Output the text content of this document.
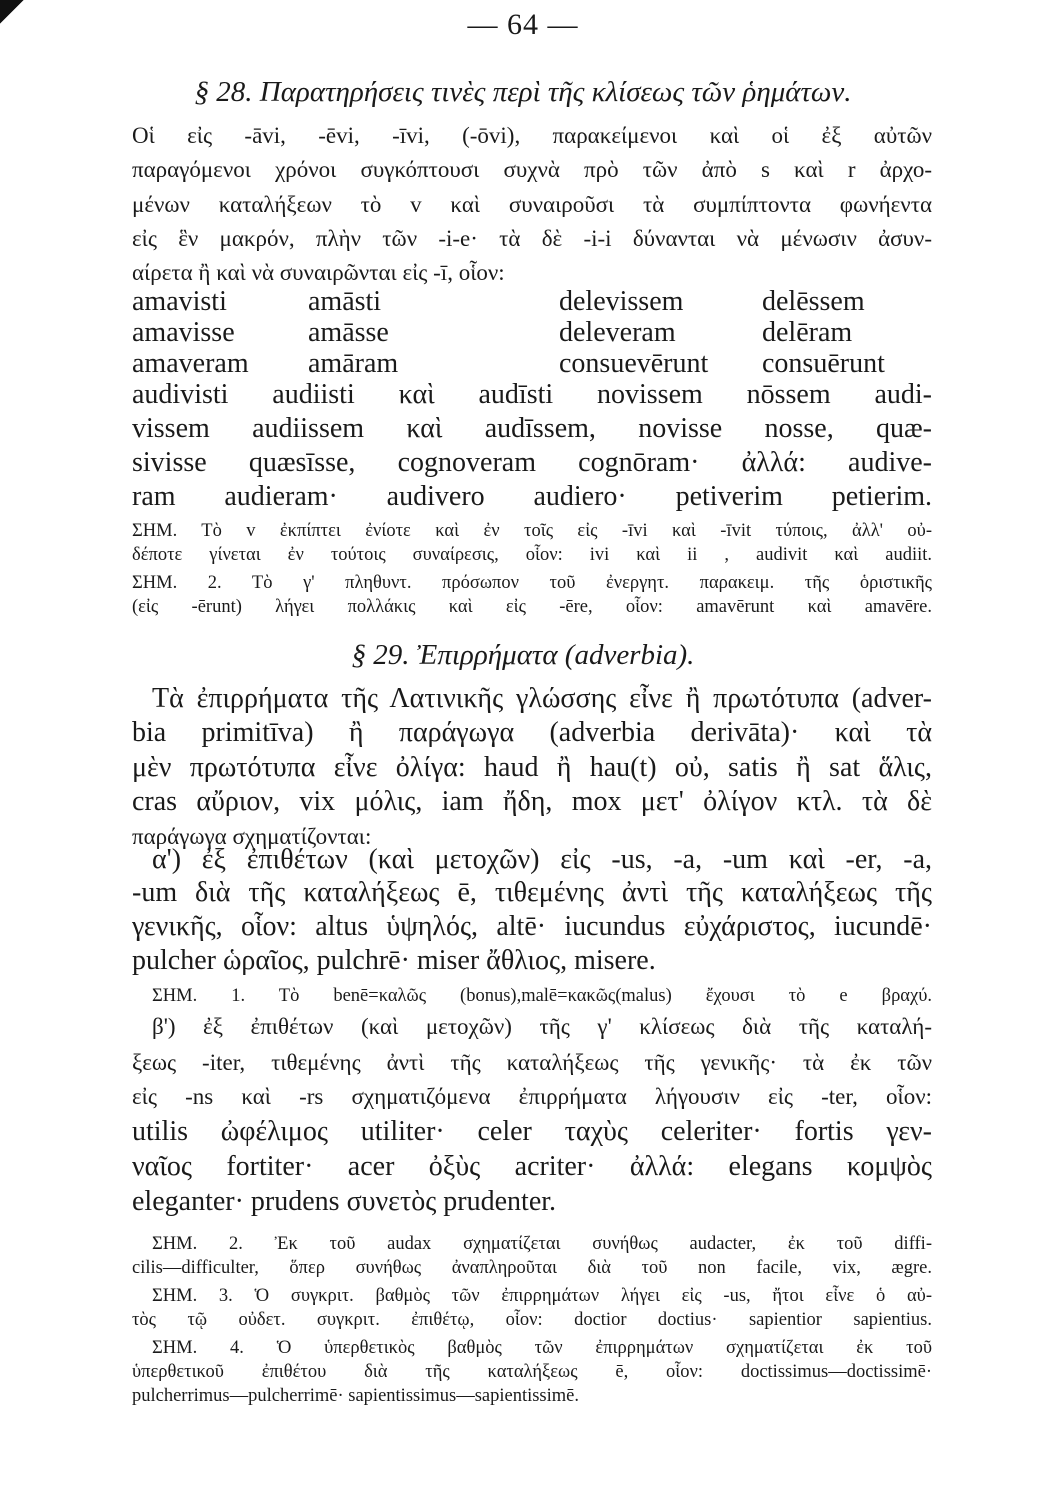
— 64 —
§ 28. Παρατηρήσεις τινὲς περὶ τῆς κλίσεως τῶν ῥημάτων.
Οἱ εἰς -āvi, -ēvi, -īvi, (-ōvi), παρακείμενοι καὶ οἱ ἐξ αὐτῶν
παραγόμενοι χρόνοι συγκόπτουσι συχνὰ πρὸ τῶν ἀπὸ s καὶ r ἀρχο-
μένων καταλήξεων τὸ v καὶ συναιροῦσι τὰ συμπίπτοντα φωνήεντα
εἰς ἓν μακρόν, πλὴν τῶν -i-e· τὰ δὲ -i-i δύνανται νὰ μένωσιν ἀσυν-
αίρετα ἢ καὶ νὰ συναιρῶνται εἰς -ī, οἷον:
amavisti	amāsti	delevissem	delēssem
amavisse	amāsse	deleveram	delēram
amaveram amāram	consuevērunt consuērunt
audivisti audiisti καὶ audīsti novissem nōssem audi-
vissem audiissem καὶ audīssem, novisse nosse, quæ-
sivisse quæsīsse, cognoveram cognōram· ἀλλά: audive-
ram audieram· audivero audiero· petiverim petierim.
ΣΗΜ. Τὸ v ἐκπίπτει ἐνίοτε καὶ ἐν τοῖς εἰς -īvi καὶ -īvit τύποις, ἀλλ' οὐ-
δέποτε γίνεται ἐν τούτοις συναίρεσις, οἷον: ivi καὶ ii , audivit καὶ audiit.
ΣΗΜ. 2. Τὸ γ' πληθυντ. πρόσωπον τοῦ ἐνεργητ. παρακειμ. τῆς ὁριστικῆς
(εἰς -ērunt) λήγει πολλάκις καὶ εἰς -ēre, οἷον: amavērunt καὶ amavēre.
§ 29. Ἐπιρρήματα (adverbia).
Τὰ ἐπιρρήματα τῆς Λατινικῆς γλώσσης εἶνε ἢ πρωτότυπα (adver-
bia primitīva) ἢ παράγωγα (adverbia derivāta)· καὶ τὰ
μὲν πρωτότυπα εἶνε ὀλίγα: haud ἢ hau(t) οὐ, satis ἢ sat ἅλις,
cras αὔριον, vix μόλις, iam ἤδη, mox μετ' ὀλίγον κτλ. τὰ δὲ
παράγωγα σχηματίζονται:
α') ἐξ ἐπιθέτων (καὶ μετοχῶν) εἰς -us, -a, -um καὶ -er, -a,
-um διὰ τῆς καταλήξεως ē, τιθεμένης ἀντὶ τῆς καταλήξεως τῆς
γενικῆς, οἷον: altus ὑψηλός, altē· iucundus εὐχάριστος, iucundē·
pulcher ὡραῖος, pulchrē· miser ἄθλιος, misere.
ΣΗΜ. 1. Τὸ benē=καλῶς (bonus),malē=κακῶς(malus) ἔχουσι τὸ e βραχύ.
β') ἐξ ἐπιθέτων (καὶ μετοχῶν) τῆς γ' κλίσεως διὰ τῆς καταλή-
ξεως -iter, τιθεμένης ἀντὶ τῆς καταλήξεως τῆς γενικῆς· τὰ ἐκ τῶν
εἰς -ns καὶ -rs σχηματιζόμενα ἐπιρρήματα λήγουσιν εἰς -ter, οἷον:
utilis ὠφέλιμος utiliter· celer ταχὺς celeriter· fortis γεν-
ναῖος fortiter· acer ὀξὺς acriter· ἀλλά: elegans κομψὸς
eleganter· prudens συνετὸς prudenter.
ΣΗΜ. 2. Ἐκ τοῦ audax σχηματίζεται συνήθως audacter, ἐκ τοῦ diffi-
cilis—difficulter, ὅπερ συνήθως ἀναπληροῦται διὰ τοῦ non facile, vix, ægre.
ΣΗΜ. 3. Ὁ συγκριτ. βαθμὸς τῶν ἐπιρρημάτων λήγει εἰς -us, ἤτοι εἶνε ὁ αὐ-
τὸς τῷ οὐδετ. συγκριτ. ἐπιθέτῳ, οἷον: doctior doctius· sapientior sapientius.
ΣΗΜ. 4. Ὁ ὑπερθετικὸς βαθμὸς τῶν ἐπιρρημάτων σχηματίζεται ἐκ τοῦ
ὑπερθετικοῦ ἐπιθέτου διὰ τῆς καταλήξεως ē, οἷον: doctissimus—doctissimē·
pulcherrimus—pulcherrimē· sapientissimus—sapientissimē.
